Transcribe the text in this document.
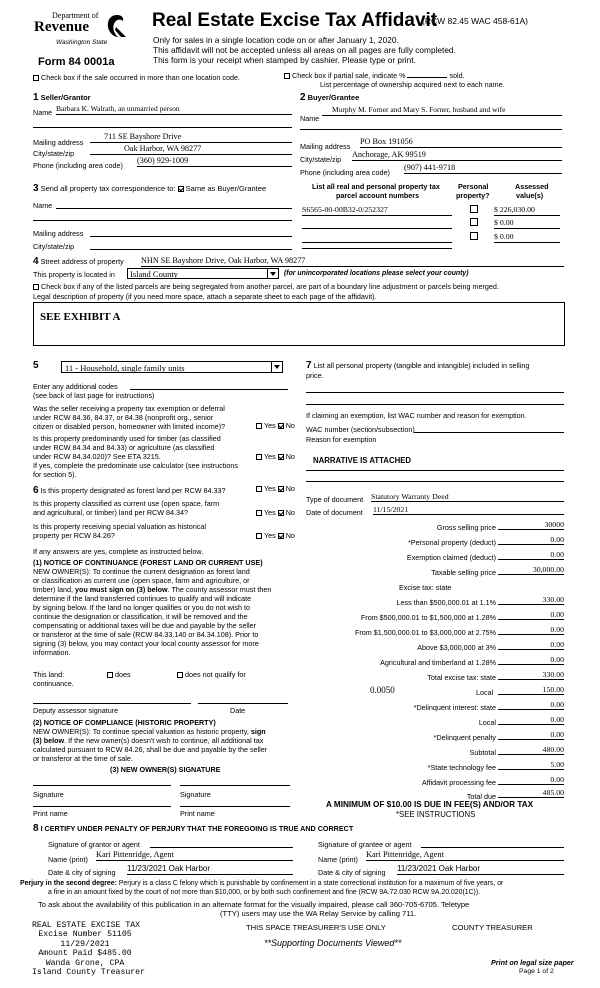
Department of
Revenue
Washington State
Form 84 0001a
Real Estate Excise Tax Affidavit
(RCW 82.45 WAC 458-61A)
Only for sales in a single location code on or after January 1, 2020.
This affidavit will not be accepted unless all areas on all pages are fully completed.
This form is your receipt when stamped by cashier. Please type or print.
Check box if the sale occurred in more than one location code.	Check box if partial sale, indicate %	sold.
List percentage of ownership acquired next to each name.
1 Seller/Grantor
Name Barbara K. Walrath, an unmarried person
Mailing address
711 SE Bayshore Drive
City/state/zip
Oak Harbor, WA 98277
Phone (including area code)
(360) 929-1009
2 Buyer/Grantee
Name
Murphy M. Forner and Mary S. Forner, husband and wife
Mailing address
PO Box 191056
City/state/zip
Anchorage, AK 99519
Phone (including area code)
(907) 441-9718
3 Send all property tax correspondence to: Same as Buyer/Grantee
Name
Mailing address
City/state/zip
List all real and personal property tax
parcel account numbers
Personal
property?
Assessed
value(s)
S6565-00-00B32-0/252327	$ 226,030.00
$ 0.00
$ 0.00
4 Street address of property NHN SE Bayshore Drive, Oak Harbor, WA 98277
This property is located in Island County	(for unincorporated locations please select your county)
Check box if any of the listed parcels are being segregated from another parcel, are part of a boundary line adjustment or parcels being merged.
Legal description of property (if you need more space, attach a separate sheet to each page of the affidavit).
SEE EXHIBIT A
5	11 - Household, single family units
Enter any additional codes
(see back of last page for instructions)
Was the seller receiving a property tax exemption or deferral
under RCW 84.36, 84.37, or 84.38 (nonprofit org., senior
citizen or disabled person, homeowner with limited income)?	Yes No
Is this property predominantly used for timber (as classified
under RCW 84.34 and 84.33) or agriculture (as classified
under RCW 84.34.020)? See ETA 3215.	Yes No
If yes, complete the predominate use calculator (see instructions
for section 5).
6 Is this property designated as forest land per RCW 84.33?	Yes No
Is this property classified as current use (open space, farm
and agricultural, or timber) land per RCW 84.34?	Yes No
Is this property receiving special valuation as historical
property per RCW 84.26?	Yes No
If any answers are yes, complete as instructed below.
(1) NOTICE OF CONTINUANCE (FOREST LAND OR CURRENT USE)
NEW OWNER(S): To continue the current designation as forest land
or classification as current use (open space, farm and agriculture, or
timber) land, you must sign on (3) below. The county assessor must then
determine if the land transferred continues to qualify and will indicate
by signing below. If the land no longer qualifies or you do not wish to
continue the designation or classification, it will be removed and the
compensating or additional taxes will be due and payable by the seller
or transferor at the time of sale (RCW 84.33.140 or 84.34.108). Prior to
signing (3) below, you may contact your local county assessor for more
information.
This land:	does	does not qualify for
continuance.
Deputy assessor signature	Date
(2) NOTICE OF COMPLIANCE (HISTORIC PROPERTY)
NEW OWNER(S): To continue special valuation as historic property, sign
(3) below. If the new owner(s) doesn't wish to continue, all additional tax
calculated pursuant to RCW 84.26, shall be due and payable by the seller
or transferor at the time of sale.
(3) NEW OWNER(S) SIGNATURE
Signature	Signature
Print name	Print name
7 List all personal property (tangible and intangible) included in selling
price.
If claiming an exemption, list WAC number and reason for exemption.
WAC number (section/subsection)
Reason for exemption
NARRATIVE IS ATTACHED
Type of document Statutory Warranty Deed
Date of document 11/15/2021
Gross selling price	30000
*Personal property (deduct)	0.00
Exemption claimed (deduct)	0.00
Taxable selling price	30,000.00
Excise tax: state
Less than $500,000.01 at 1.1%	330.00
From $500,000.01 to $1,500,000 at 1.28%	0.00
From $1,500,000.01 to $3,000,000 at 2.75%	0.00
Above $3,000,000 at 3%	0.00
Agricultural and timberland at 1.28%	0.00
Total excise tax: state	330.00
0.0050	Local	150.00
*Delinquent interest: state	0.00
Local	0.00
*Delinquent penalty	0.00
Subtotal	480.00
*State technology fee	5.00
Affidavit processing fee	0.00
Total due	485.00
A MINIMUM OF $10.00 IS DUE IN FEE(S) AND/OR TAX
*SEE INSTRUCTIONS
8 I CERTIFY UNDER PENALTY OF PERJURY THAT THE FOREGOING IS TRUE AND CORRECT
Signature of grantor or agent
Name (print)
Kari Pittenridge, Agent
Date & city of signing 11/23/2021 Oak Harbor
Signature of grantee or agent
Name (print)
Kari Pittenridge, Agent
Date & city of signing 11/23/2021 Oak Harbor
Perjury in the second degree: Perjury is a class C felony which is punishable by confinement in a state correctional institution for a maximum of five years, or
a fine in an amount fixed by the court of not more than $10,000, or by both such confinement and fine (RCW 9A.72.030 RCW 9A.20.020(1C)).
To ask about the availability of this publication in an alternate format for the visually impaired, please call 360-705-6705. Teletype
(TTY) users may use the WA Relay Service by calling 711.
REAL ESTATE EXCISE TAX
Excise Number 51105
11/29/2021
Amount Paid $485.00
Wanda Grone, CPA
Island County Treasurer
THIS SPACE TREASURER'S USE ONLY	COUNTY TREASURER
**Supporting Documents Viewed**
Print on legal size paper
Page 1 of 2
